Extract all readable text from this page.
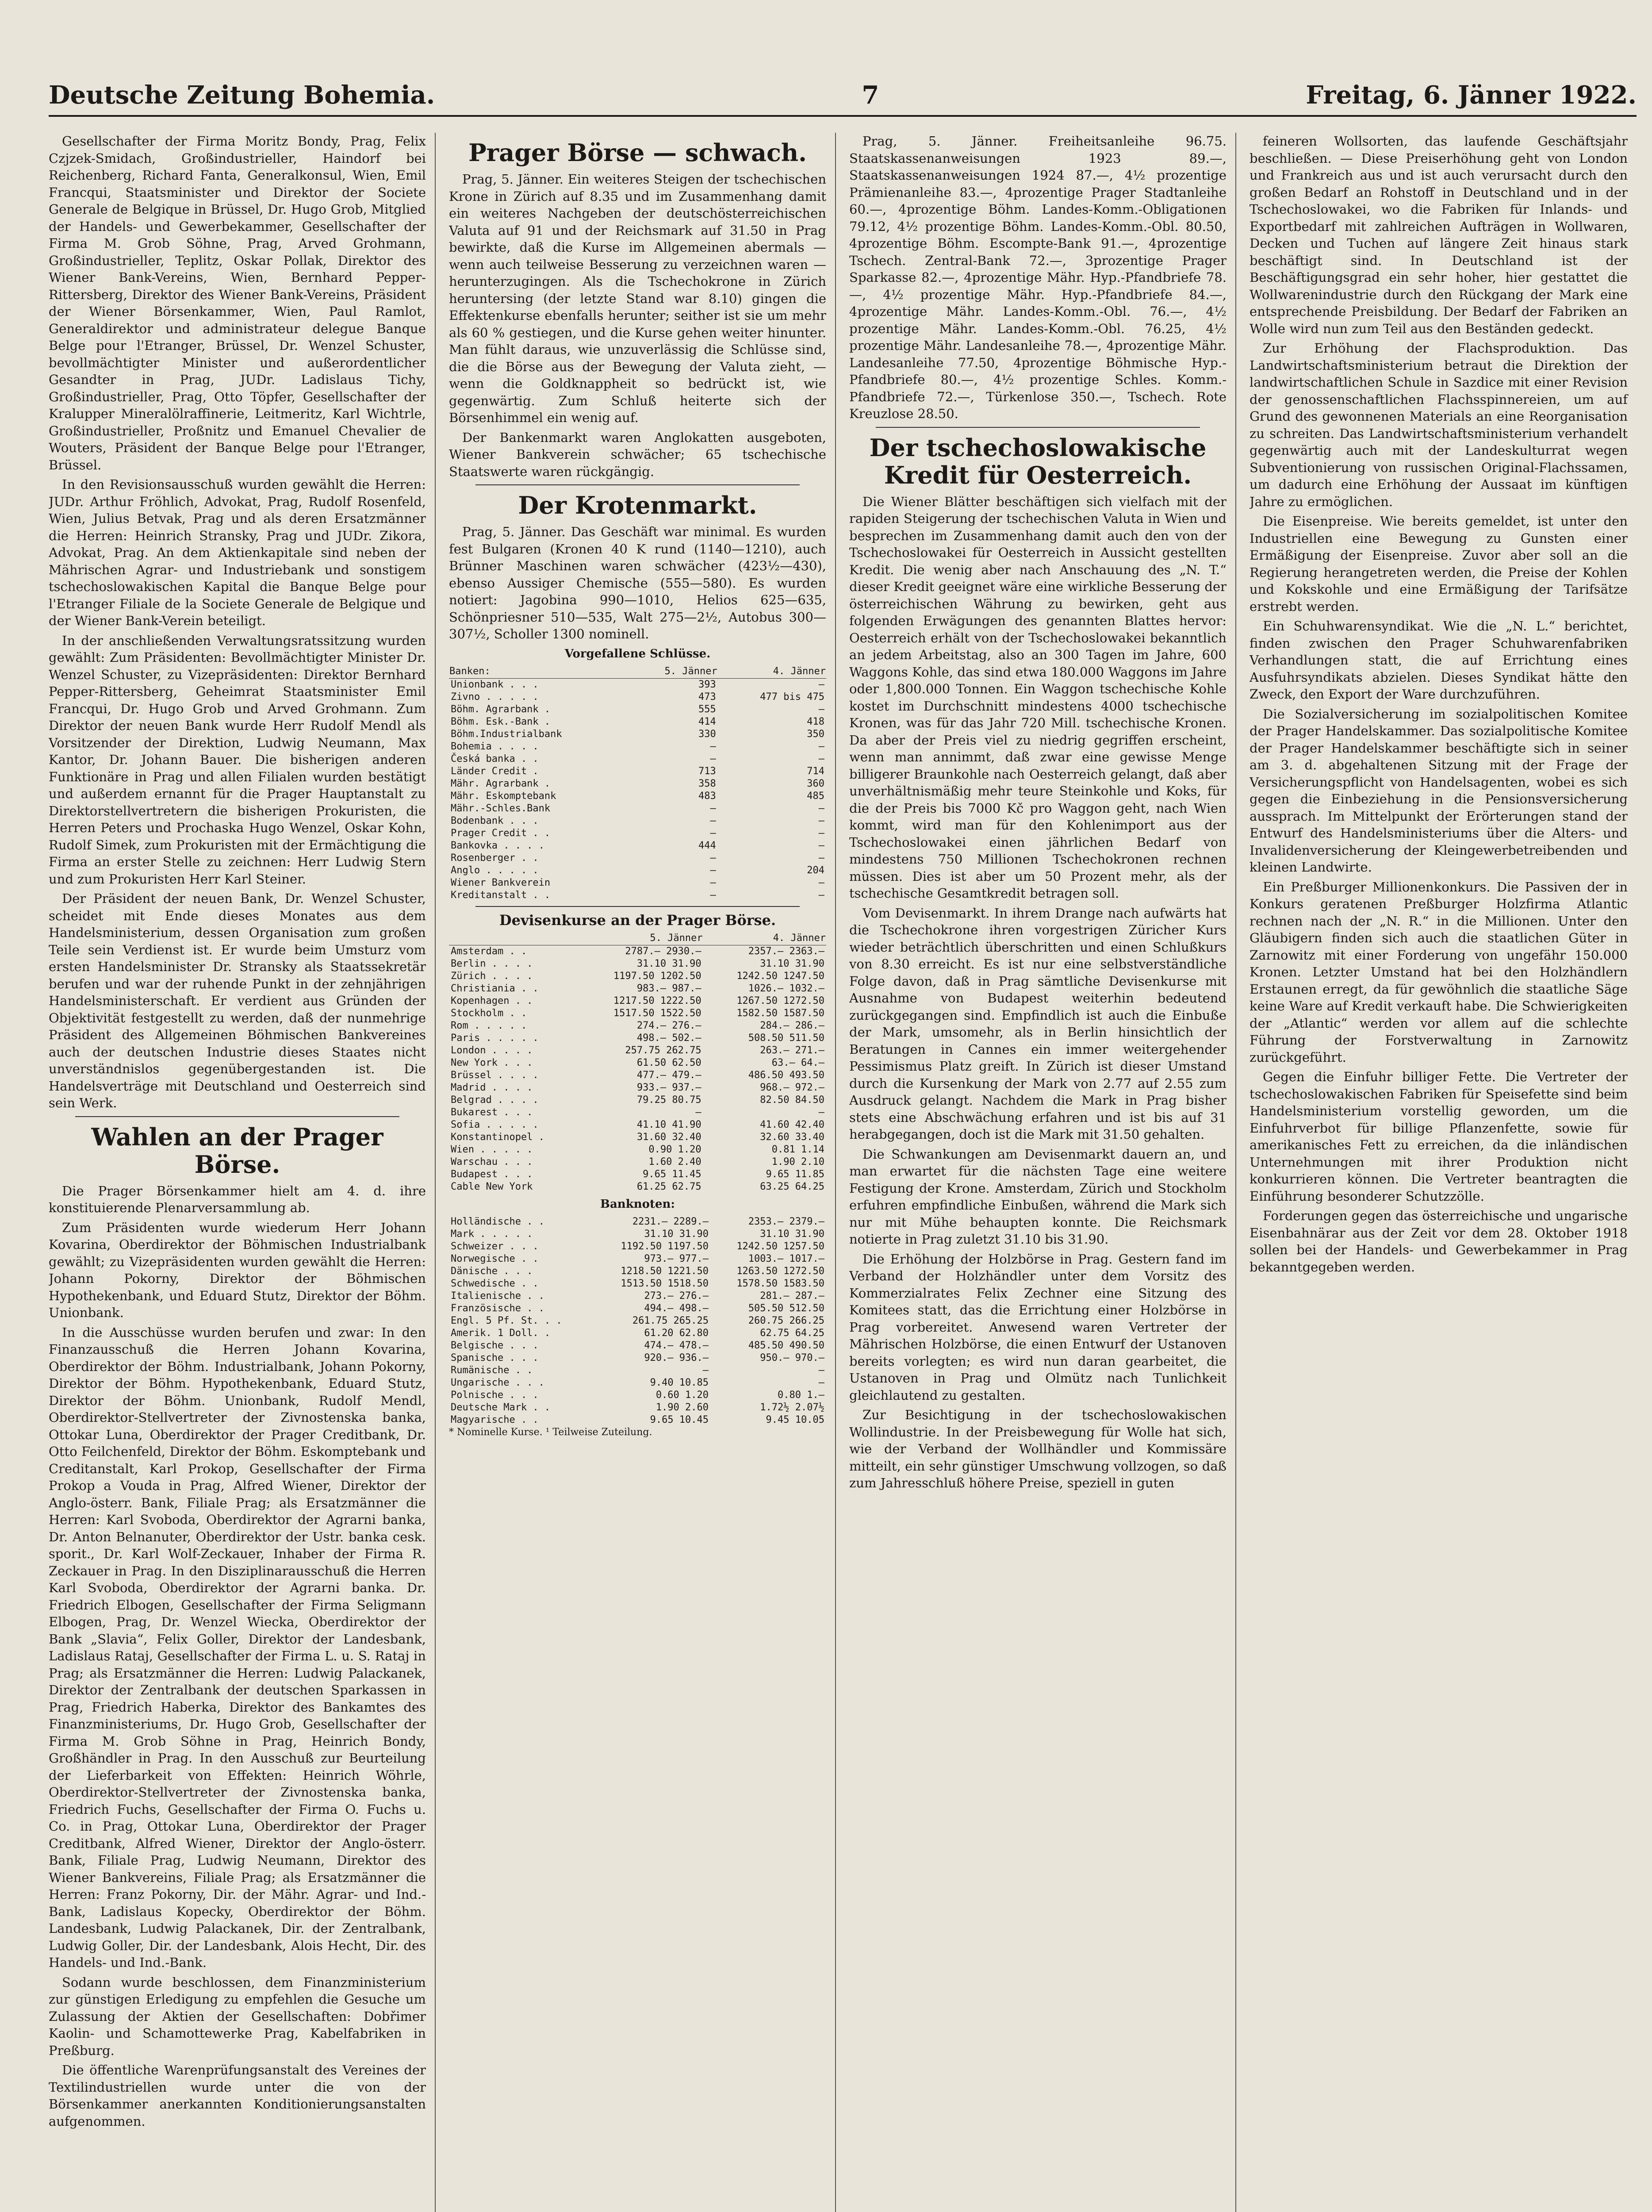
Deutsche Zeitung Bohemia.	7	Freitag, 6. Jänner 1922.

Gesellschafter der Firma Moritz Bondy, Prag, Felix Czjzek-Smidach, Großindustrieller, Haindorf bei Reichenberg, Richard Fanta, Generalkonsul, Wien, Emil Francqui, Staatsminister und Direktor der Societe Generale de Belgique in Brüssel, Dr. Hugo Grob, Mitglied der Handels- und Gewerbekammer, Gesellschafter der Firma M. Grob Söhne, Prag, Arved Grohmann, Großindustrieller, Teplitz, Oskar Pollak, Direktor des Wiener Bank-Vereins, Wien, Bernhard Pepper-Rittersberg, Direktor des Wiener Bank-Vereins, Präsident der Wiener Börsenkammer, Wien, Paul Ramlot, Generaldirektor und administrateur delegue Banque Belge pour l'Etranger, Brüssel, Dr. Wenzel Schuster, bevollmächtigter Minister und außerordentlicher Gesandter in Prag, JUDr. Ladislaus Tichy, Großindustrieller, Prag, Otto Töpfer, Gesellschafter der Kralupper Mineralölraffinerie, Leitmeritz, Karl Wichtrle, Großindustrieller, Proßnitz und Emanuel Chevalier de Wouters, Präsident der Banque Belge pour l'Etranger, Brüssel.

In den Revisionsausschuß wurden gewählt die Herren: JUDr. Arthur Fröhlich, Advokat, Prag, Rudolf Rosenfeld, Wien, Julius Betvak, Prag und als deren Ersatzmänner die Herren: Heinrich Stransky, Prag und JUDr. Zikora, Advokat, Prag. An dem Aktienkapitale sind neben der Mährischen Agrar- und Industriebank und sonstigem tschechoslowakischen Kapital die Banque Belge pour l'Etranger Filiale de la Societe Generale de Belgique und der Wiener Bank-Verein beteiligt.

In der anschließenden Verwaltungsratssitzung wurden gewählt: Zum Präsidenten: Bevollmächtigter Minister Dr. Wenzel Schuster, zu Vizepräsidenten: Direktor Bernhard Pepper-Rittersberg, Geheimrat Staatsminister Emil Francqui, Dr. Hugo Grob und Arved Grohmann. Zum Direktor der neuen Bank wurde Herr Rudolf Mendl als Vorsitzender der Direktion, Ludwig Neumann, Max Kantor, Dr. Johann Bauer. Die bisherigen anderen Funktionäre in Prag und allen Filialen wurden bestätigt und außerdem ernannt für die Prager Hauptanstalt zu Direktorstellvertretern die bisherigen Prokuristen, die Herren Peters und Prochaska Hugo Wenzel, Oskar Kohn, Rudolf Simek, zum Prokuristen mit der Ermächtigung die Firma an erster Stelle zu zeichnen: Herr Ludwig Stern und zum Prokuristen Herr Karl Steiner.

Der Präsident der neuen Bank, Dr. Wenzel Schuster, scheidet mit Ende dieses Monates aus dem Handelsministerium, dessen Organisation zum großen Teile sein Verdienst ist. Er wurde beim Umsturz vom ersten Handelsminister Dr. Stransky als Staatssekretär berufen und war der ruhende Punkt in der zehnjährigen Handelsministerschaft. Er verdient aus Gründen der Objektivität festgestellt zu werden, daß der nunmehrige Präsident des Allgemeinen Böhmischen Bankvereines auch der deutschen Industrie dieses Staates nicht unverständnislos gegenübergestanden ist. Die Handelsverträge mit Deutschland und Oesterreich sind sein Werk.

Wahlen an der Prager Börse.

Die Prager Börsenkammer hielt am 4. d. ihre konstituierende Plenarversammlung ab.

Zum Präsidenten wurde wiederum Herr Johann Kovarina, Oberdirektor der Böhmischen Industrialbank gewählt; zu Vizepräsidenten wurden gewählt die Herren: Johann Pokorny, Direktor der Böhmischen Hypothekenbank, und Eduard Stutz, Direktor der Böhm. Unionbank.

In die Ausschüsse wurden berufen und zwar: In den Finanzausschuß die Herren Johann Kovarina, Oberdirektor der Böhm. Industrialbank, Johann Pokorny, Direktor der Böhm. Hypothekenbank, Eduard Stutz, Direktor der Böhm. Unionbank, Rudolf Mendl, Oberdirektor-Stellvertreter der Zivnostenska banka, Ottokar Luna, Oberdirektor der Prager Creditbank, Dr. Otto Feilchenfeld, Direktor der Böhm. Eskomptebank und Creditanstalt, Karl Prokop, Gesellschafter der Firma Prokop a Vouda in Prag, Alfred Wiener, Direktor der Anglo-österr. Bank, Filiale Prag; als Ersatzmänner die Herren: Karl Svoboda, Oberdirektor der Agrarni banka, Dr. Anton Belnanuter, Oberdirektor der Ustr. banka cesk. sporit., Dr. Karl Wolf-Zeckauer, Inhaber der Firma R. Zeckauer in Prag. In den Disziplinarausschuß die Herren Karl Svoboda, Oberdirektor der Agrarni banka. Dr. Friedrich Elbogen, Gesellschafter der Firma Seligmann Elbogen, Prag, Dr. Wenzel Wiecka, Oberdirektor der Bank „Slavia“, Felix Goller, Direktor der Landesbank, Ladislaus Rataj, Gesellschafter der Firma L. u. S. Rataj in Prag; als Ersatzmänner die Herren: Ludwig Palackanek, Direktor der Zentralbank der deutschen Sparkassen in Prag, Friedrich Haberka, Direktor des Bankamtes des Finanzministeriums, Dr. Hugo Grob, Gesellschafter der Firma M. Grob Söhne in Prag, Heinrich Bondy, Großhändler in Prag. In den Ausschuß zur Beurteilung der Lieferbarkeit von Effekten: Heinrich Wöhrle, Oberdirektor-Stellvertreter der Zivnostenska banka, Friedrich Fuchs, Gesellschafter der Firma O. Fuchs u. Co. in Prag, Ottokar Luna, Oberdirektor der Prager Creditbank, Alfred Wiener, Direktor der Anglo-österr. Bank, Filiale Prag, Ludwig Neumann, Direktor des Wiener Bankvereins, Filiale Prag; als Ersatzmänner die Herren: Franz Pokorny, Dir. der Mähr. Agrar- und Ind.-Bank, Ladislaus Kopecky, Oberdirektor der Böhm. Landesbank, Ludwig Palackanek, Dir. der Zentralbank, Ludwig Goller, Dir. der Landesbank, Alois Hecht, Dir. des Handels- und Ind.-Bank.

Sodann wurde beschlossen, dem Finanzministerium zur günstigen Erledigung zu empfehlen die Gesuche um Zulassung der Aktien der Gesellschaften: Dobřimer Kaolin- und Schamottewerke Prag, Kabelfabriken in Preßburg.

Die öffentliche Warenprüfungsanstalt des Vereines der Textilindustriellen wurde unter die von der Börsenkammer anerkannten Konditionierungsanstalten aufgenommen.

Prager Börse — schwach.

Prag, 5. Jänner. Ein weiteres Steigen der tschechischen Krone in Zürich auf 8.35 und im Zusammenhang damit ein weiteres Nachgeben der deutschösterreichischen Valuta auf 91 und der Reichsmark auf 31.50 in Prag bewirkte, daß die Kurse im Allgemeinen abermals — wenn auch teilweise Besserung zu verzeichnen waren — herunterzugingen. Als die Tschechokrone in Zürich heruntersing (der letzte Stand war 8.10) gingen die Effektenkurse ebenfalls herunter; seither ist sie um mehr als 60 % gestiegen, und die Kurse gehen weiter hinunter. Man fühlt daraus, wie unzuverlässig die Schlüsse sind, die die Börse aus der Bewegung der Valuta zieht, — wenn die Goldknappheit so bedrückt ist, wie gegenwärtig. Zum Schluß heiterte sich der Börsenhimmel ein wenig auf.

Der Bankenmarkt waren Anglokatten ausgeboten, Wiener Bankverein schwächer; 65 tschechische Staatswerte waren rückgängig.

Der Krotenmarkt.

Prag, 5. Jänner. Das Geschäft war minimal. Es wurden fest Bulgaren (Kronen 40 K rund (1140—1210), auch Brünner Maschinen waren schwächer (423½—430), ebenso Aussiger Chemische (555—580). Es wurden notiert: Jagobina 990—1010, Helios 625—635, Schönpriesner 510—535, Walt 275—2½, Autobus 300—307½, Scholler 1300 nominell.

Vorgefallene Schlüsse.
Banken:	5. Jänner	4. Jänner
Unionbank . . .	393	—
Zivno . . . . .	473	477 bis 475
Böhm. Agrarbank .	555	—
Böhm. Esk.-Bank .	414	418
Böhm.Industrialbank	330	350
Bohemia . . . .	—	—
Česká banka . .	—	—
Länder Credit .	713	714
Mähr. Agrarbank .	358	360
Mähr. Eskomptebank	483	485
Mähr.-Schles.Bank	—	—
Bodenbank . . .	—	—
Prager Credit . .	—	—
Bankovka . . . .	444	—
Rosenberger . .	—	—
Anglo . . . . .	—	204
Wiener Bankverein	—	—
Kreditanstalt . .	—	—
Devisenkurse an der Prager Börse.
	5. Jänner	4. Jänner
Amsterdam . .	2787.— 2930.—	2357.— 2363.—
Berlin . . . .	31.10 31.90	31.10 31.90
Zürich . . . .	1197.50 1202.50	1242.50 1247.50
Christiania . .	983.— 987.—	1026.— 1032.—
Kopenhagen . .	1217.50 1222.50	1267.50 1272.50
Stockholm . .	1517.50 1522.50	1582.50 1587.50
Rom . . . . .	274.— 276.—	284.— 286.—
Paris . . . . .	498.— 502.—	508.50 511.50
London . . . .	257.75 262.75	263.— 271.—
New York . . .	61.50 62.50	63.— 64.—
Brüssel . . . .	477.— 479.—	486.50 493.50
Madrid . . . .	933.— 937.—	968.— 972.—
Belgrad . . . .	79.25 80.75	82.50 84.50
Bukarest . . .	—	—
Sofia . . . . .	41.10 41.90	41.60 42.40
Konstantinopel .	31.60 32.40	32.60 33.40
Wien . . . . .	0.90 1.20	0.81 1.14
Warschau . . .	1.60 2.40	1.90 2.10
Budapest . . .	9.65 11.45	9.65 11.85
Cable New York	61.25 62.75	63.25 64.25
Banknoten:
Holländische . .	2231.— 2289.—	2353.— 2379.—
Mark . . . . .	31.10 31.90	31.10 31.90
Schweizer . . .	1192.50 1197.50	1242.50 1257.50
Norwegische . .	973.— 977.—	1003.— 1017.—
Dänische . . .	1218.50 1221.50	1263.50 1272.50
Schwedische . .	1513.50 1518.50	1578.50 1583.50
Italienische . .	273.— 276.—	281.— 287.—
Französische . .	494.— 498.—	505.50 512.50
Engl. 5 Pf. St. . .	261.75 265.25	260.75 266.25
Amerik. 1 Doll. .	61.20 62.80	62.75 64.25
Belgische . . .	474.— 478.—	485.50 490.50
Spanische . . .	920.— 936.—	950.— 970.—
Rumänische . .	—	—
Ungarische . . .	9.40 10.85	—
Polnische . . .	0.60 1.20	0.80 1.—
Deutsche Mark . .	1.90 2.60	1.72½ 2.07½
Magyarische . .	9.65 10.45	9.45 10.05
* Nominelle Kurse. ¹ Teilweise Zuteilung.

Prag, 5. Jänner. Freiheitsanleihe 96.75. Staatskassenanweisungen 1923 89.—, Staatskassenanweisungen 1924 87.—, 4½ prozentige Prämienanleihe 83.—, 4prozentige Prager Stadtanleihe 60.—, 4prozentige Böhm. Landes-Komm.-Obligationen 79.12, 4½ prozentige Böhm. Landes-Komm.-Obl. 80.50, 4prozentige Böhm. Escompte-Bank 91.—, 4prozentige Tschech. Zentral-Bank 72.—, 3prozentige Prager Sparkasse 82.—, 4prozentige Mähr. Hyp.-Pfandbriefe 78.—, 4½ prozentige Mähr. Hyp.-Pfandbriefe 84.—, 4prozentige Mähr. Landes-Komm.-Obl. 76.—, 4½ prozentige Mähr. Landes-Komm.-Obl. 76.25, 4½ prozentige Mähr. Landesanleihe 78.—, 4prozentige Mähr. Landesanleihe 77.50, 4prozentige Böhmische Hyp.-Pfandbriefe 80.—, 4½ prozentige Schles. Komm.-Pfandbriefe 72.—, Türkenlose 350.—, Tschech. Rote Kreuzlose 28.50.

Der tschechoslowakische Kredit für Oesterreich.

Die Wiener Blätter beschäftigen sich vielfach mit der rapiden Steigerung der tschechischen Valuta in Wien und besprechen im Zusammenhang damit auch den von der Tschechoslowakei für Oesterreich in Aussicht gestellten Kredit. Die wenig aber nach Anschauung des „N. T.“ dieser Kredit geeignet wäre eine wirkliche Besserung der österreichischen Währung zu bewirken, geht aus folgenden Erwägungen des genannten Blattes hervor: Oesterreich erhält von der Tschechoslowakei bekanntlich an jedem Arbeitstag, also an 300 Tagen im Jahre, 600 Waggons Kohle, das sind etwa 180.000 Waggons im Jahre oder 1,800.000 Tonnen. Ein Waggon tschechische Kohle kostet im Durchschnitt mindestens 4000 tschechische Kronen, was für das Jahr 720 Mill. tschechische Kronen. Da aber der Preis viel zu niedrig gegriffen erscheint, wenn man annimmt, daß zwar eine gewisse Menge billigerer Braunkohle nach Oesterreich gelangt, daß aber unverhältnismäßig mehr teure Steinkohle und Koks, für die der Preis bis 7000 Kč pro Waggon geht, nach Wien kommt, wird man für den Kohlenimport aus der Tschechoslowakei einen jährlichen Bedarf von mindestens 750 Millionen Tschechokronen rechnen müssen. Dies ist aber um 50 Prozent mehr, als der tschechische Gesamtkredit betragen soll.

Vom Devisenmarkt. In ihrem Drange nach aufwärts hat die Tschechokrone ihren vorgestrigen Züricher Kurs wieder beträchtlich überschritten und einen Schlußkurs von 8.30 erreicht. Es ist nur eine selbstverständliche Folge davon, daß in Prag sämtliche Devisenkurse mit Ausnahme von Budapest weiterhin bedeutend zurückgegangen sind. Empfindlich ist auch die Einbuße der Mark, umsomehr, als in Berlin hinsichtlich der Beratungen in Cannes ein immer weitergehender Pessimismus Platz greift. In Zürich ist dieser Umstand durch die Kursenkung der Mark von 2.77 auf 2.55 zum Ausdruck gelangt. Nachdem die Mark in Prag bisher stets eine Abschwächung erfahren und ist bis auf 31 herabgegangen, doch ist die Mark mit 31.50 gehalten.

Die Schwankungen am Devisenmarkt dauern an, und man erwartet für die nächsten Tage eine weitere Festigung der Krone. Amsterdam, Zürich und Stockholm erfuhren empfindliche Einbußen, während die Mark sich nur mit Mühe behaupten konnte. Die Reichsmark notierte in Prag zuletzt 31.10 bis 31.90.

Die Erhöhung der Holzbörse in Prag. Gestern fand im Verband der Holzhändler unter dem Vorsitz des Kommerzialrates Felix Zechner eine Sitzung des Komitees statt, das die Errichtung einer Holzbörse in Prag vorbereitet. Anwesend waren Vertreter der Mährischen Holzbörse, die einen Entwurf der Ustanoven bereits vorlegten; es wird nun daran gearbeitet, die Ustanoven in Prag und Olmütz nach Tunlichkeit gleichlautend zu gestalten.

Zur Besichtigung in der tschechoslowakischen Wollindustrie. In der Preisbewegung für Wolle hat sich, wie der Verband der Wollhändler und Kommissäre mitteilt, ein sehr günstiger Umschwung vollzogen, so daß zum Jahresschluß höhere Preise, speziell in guten

feineren Wollsorten, das laufende Geschäftsjahr beschließen. — Diese Preiserhöhung geht von London und Frankreich aus und ist auch verursacht durch den großen Bedarf an Rohstoff in Deutschland und in der Tschechoslowakei, wo die Fabriken für Inlands- und Exportbedarf mit zahlreichen Aufträgen in Wollwaren, Decken und Tuchen auf längere Zeit hinaus stark beschäftigt sind. In Deutschland ist der Beschäftigungsgrad ein sehr hoher, hier gestattet die Wollwarenindustrie durch den Rückgang der Mark eine entsprechende Preisbildung. Der Bedarf der Fabriken an Wolle wird nun zum Teil aus den Beständen gedeckt.

Zur Erhöhung der Flachsproduktion. Das Landwirtschaftsministerium betraut die Direktion der landwirtschaftlichen Schule in Sazdice mit einer Revision der genossenschaftlichen Flachsspinnereien, um auf Grund des gewonnenen Materials an eine Reorganisation zu schreiten. Das Landwirtschaftsministerium verhandelt gegenwärtig auch mit der Landeskulturrat wegen Subventionierung von russischen Original-Flachssamen, um dadurch eine Erhöhung der Aussaat im künftigen Jahre zu ermöglichen.

Die Eisenpreise. Wie bereits gemeldet, ist unter den Industriellen eine Bewegung zu Gunsten einer Ermäßigung der Eisenpreise. Zuvor aber soll an die Regierung herangetreten werden, die Preise der Kohlen und Kokskohle und eine Ermäßigung der Tarifsätze erstrebt werden.

Ein Schuhwarensyndikat. Wie die „N. L.“ berichtet, finden zwischen den Prager Schuhwarenfabriken Verhandlungen statt, die auf Errichtung eines Ausfuhrsyndikats abzielen. Dieses Syndikat hätte den Zweck, den Export der Ware durchzuführen.

Die Sozialversicherung im sozialpolitischen Komitee der Prager Handelskammer. Das sozialpolitische Komitee der Prager Handelskammer beschäftigte sich in seiner am 3. d. abgehaltenen Sitzung mit der Frage der Versicherungspflicht von Handelsagenten, wobei es sich gegen die Einbeziehung in die Pensionsversicherung aussprach. Im Mittelpunkt der Erörterungen stand der Entwurf des Handelsministeriums über die Alters- und Invalidenversicherung der Kleingewerbetreibenden und kleinen Landwirte.

Ein Preßburger Millionenkonkurs. Die Passiven der in Konkurs geratenen Preßburger Holzfirma Atlantic rechnen nach der „N. R.“ in die Millionen. Unter den Gläubigern finden sich auch die staatlichen Güter in Zarnowitz mit einer Forderung von ungefähr 150.000 Kronen. Letzter Umstand hat bei den Holzhändlern Erstaunen erregt, da für gewöhnlich die staatliche Säge keine Ware auf Kredit verkauft habe. Die Schwierigkeiten der „Atlantic“ werden vor allem auf die schlechte Führung der Forstverwaltung in Zarnowitz zurückgeführt.

Gegen die Einfuhr billiger Fette. Die Vertreter der tschechoslowakischen Fabriken für Speisefette sind beim Handelsministerium vorstellig geworden, um die Einfuhrverbot für billige Pflanzenfette, sowie für amerikanisches Fett zu erreichen, da die inländischen Unternehmungen mit ihrer Produktion nicht konkurrieren können. Die Vertreter beantragten die Einführung besonderer Schutzzölle.

Forderungen gegen das österreichische und ungarische Eisenbahnärar aus der Zeit vor dem 28. Oktober 1918 sollen bei der Handels- und Gewerbekammer in Prag bekanntgegeben werden.
